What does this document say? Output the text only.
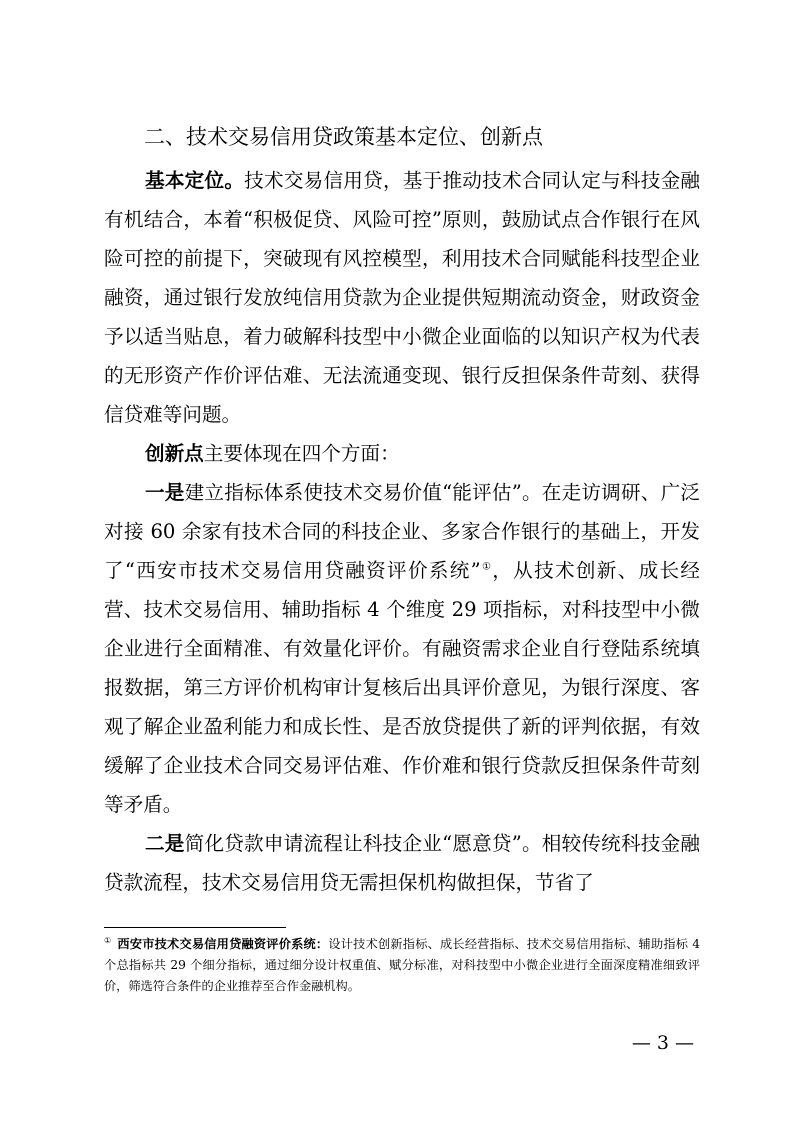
二、技术交易信用贷政策基本定位、创新点

基本定位。技术交易信用贷，基于推动技术合同认定与科技金融有机结合，本着“积极促贷、风险可控”原则，鼓励试点合作银行在风险可控的前提下，突破现有风控模型，利用技术合同赋能科技型企业融资，通过银行发放纯信用贷款为企业提供短期流动资金，财政资金予以适当贴息，着力破解科技型中小微企业面临的以知识产权为代表的无形资产作价评估难、无法流通变现、银行反担保条件苛刻、获得信贷难等问题。

创新点主要体现在四个方面：

一是建立指标体系使技术交易价值“能评估”。在走访调研、广泛对接 60 余家有技术合同的科技企业、多家合作银行的基础上，开发了“西安市技术交易信用贷融资评价系统”①，从技术创新、成长经营、技术交易信用、辅助指标 4 个维度 29 项指标，对科技型中小微企业进行全面精准、有效量化评价。有融资需求企业自行登陆系统填报数据，第三方评价机构审计复核后出具评价意见，为银行深度、客观了解企业盈利能力和成长性、是否放贷提供了新的评判依据，有效缓解了企业技术合同交易评估难、作价难和银行贷款反担保条件苛刻等矛盾。

二是简化贷款申请流程让科技企业“愿意贷”。相较传统科技金融贷款流程，技术交易信用贷无需担保机构做担保，节省了

① 西安市技术交易信用贷融资评价系统：设计技术创新指标、成长经营指标、技术交易信用指标、辅助指标 4 个总指标共 29 个细分指标，通过细分设计权重值、赋分标准，对科技型中小微企业进行全面深度精准细致评价，筛选符合条件的企业推荐至合作金融机构。

— 3 —
